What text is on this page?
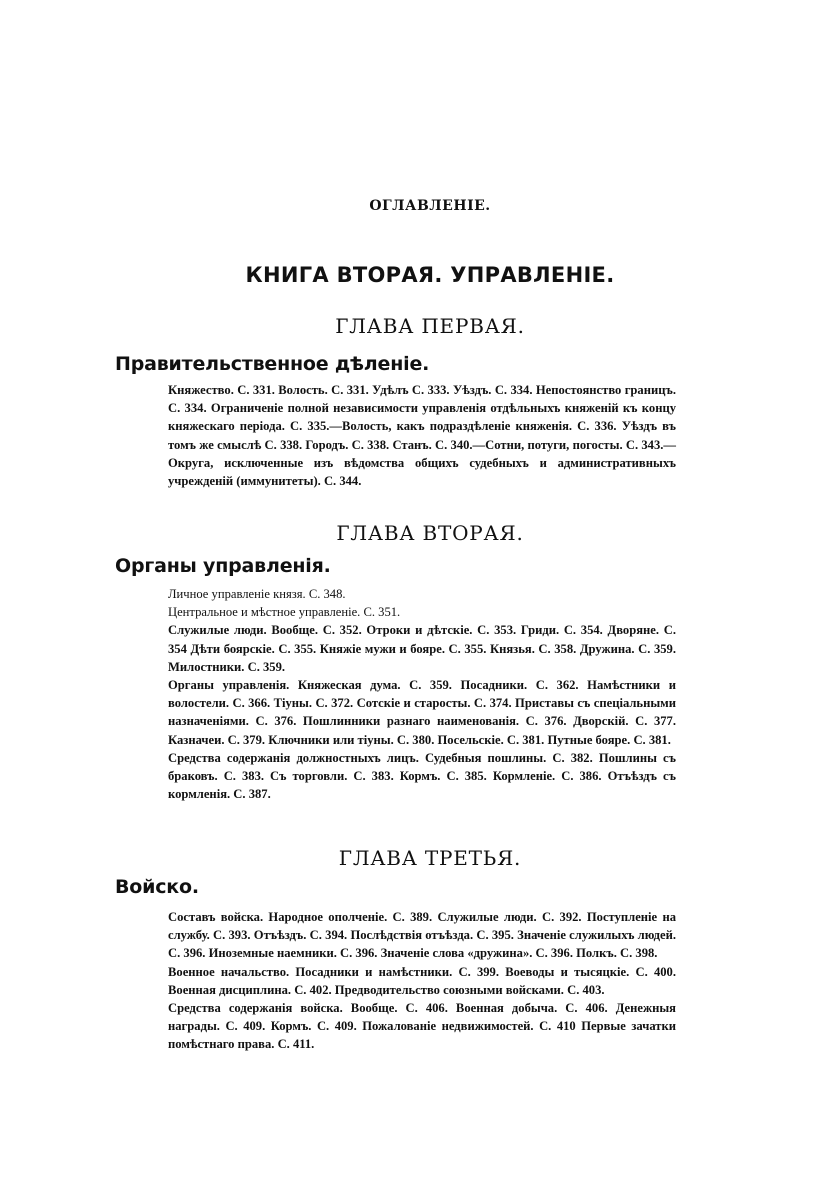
ОГЛАВЛЕНІЕ.
КНИГА ВТОРАЯ. УПРАВЛЕНІЕ.
ГЛАВА ПЕРВАЯ.
Правительственное дѣленіе.

Княжество. С. 331. Волость. С. 331. Удѣлъ С. 333. Уѣздъ. С. 334. Непостоянство границъ. С. 334. Ограниченіе полной независимости управленія отдѣльныхъ княженій къ концу княжескаго періода. С. 335.—Волость, какъ подраздѣленіе княженія. С. 336. Уѣздъ въ томъ же смыслѣ С. 338. Городъ. С. 338. Станъ. С. 340.—Сотни, потуги, погосты. С. 343.—Округа, исключенные изъ вѣдомства общихъ судебныхъ и административныхъ учрежденій (иммунитеты). С. 344.

ГЛАВА ВТОРАЯ.
Органы управленія.

Личное управленіе князя. С. 348.

Центральное и мѣстное управленіе. С. 351.

Служилые люди. Вообще. С. 352. Отроки и дѣтскіе. С. 353. Гриди. С. 354. Дворяне. С. 354 Дѣти боярскіе. С. 355. Княжіе мужи и бояре. С. 355. Князья. С. 358. Дружина. С. 359. Милостники. С. 359.

Органы управленія. Княжеская дума. С. 359. Посадники. С. 362. Намѣстники и волостели. С. 366. Тіуны. С. 372. Сотскіе и старосты. С. 374. Приставы съ спеціальными назначеніями. С. 376. Пошлинники разнаго наименованія. С. 376. Дворскій. С. 377. Казначеи. С. 379. Ключники или тіуны. С. 380. Посельскіе. С. 381. Путные бояре. С. 381.

Средства содержанія должностныхъ лицъ. Судебныя пошлины. С. 382. Пошлины съ браковъ. С. 383. Съ торговли. С. 383. Кормъ. С. 385. Кормленіе. С. 386. Отъѣздъ съ кормленія. С. 387.

ГЛАВА ТРЕТЬЯ.
Войско.

Составъ войска. Народное ополченіе. С. 389. Служилые люди. С. 392. Поступленіе на службу. С. 393. Отъѣздъ. С. 394. Послѣдствія отъѣзда. С. 395. Значеніе служилыхъ людей. С. 396. Иноземные наемники. С. 396. Значеніе слова «дружина». С. 396. Полкъ. С. 398.

Военное начальство. Посадники и намѣстники. С. 399. Воеводы и тысяцкіе. С. 400. Военная дисциплина. С. 402. Предводительство союзными войсками. С. 403.

Средства содержанія войска. Вообще. С. 406. Военная добыча. С. 406. Денежныя награды. С. 409. Кормъ. С. 409. Пожалованіе недвижимостей. С. 410 Первые зачатки помѣстнаго права. С. 411.
